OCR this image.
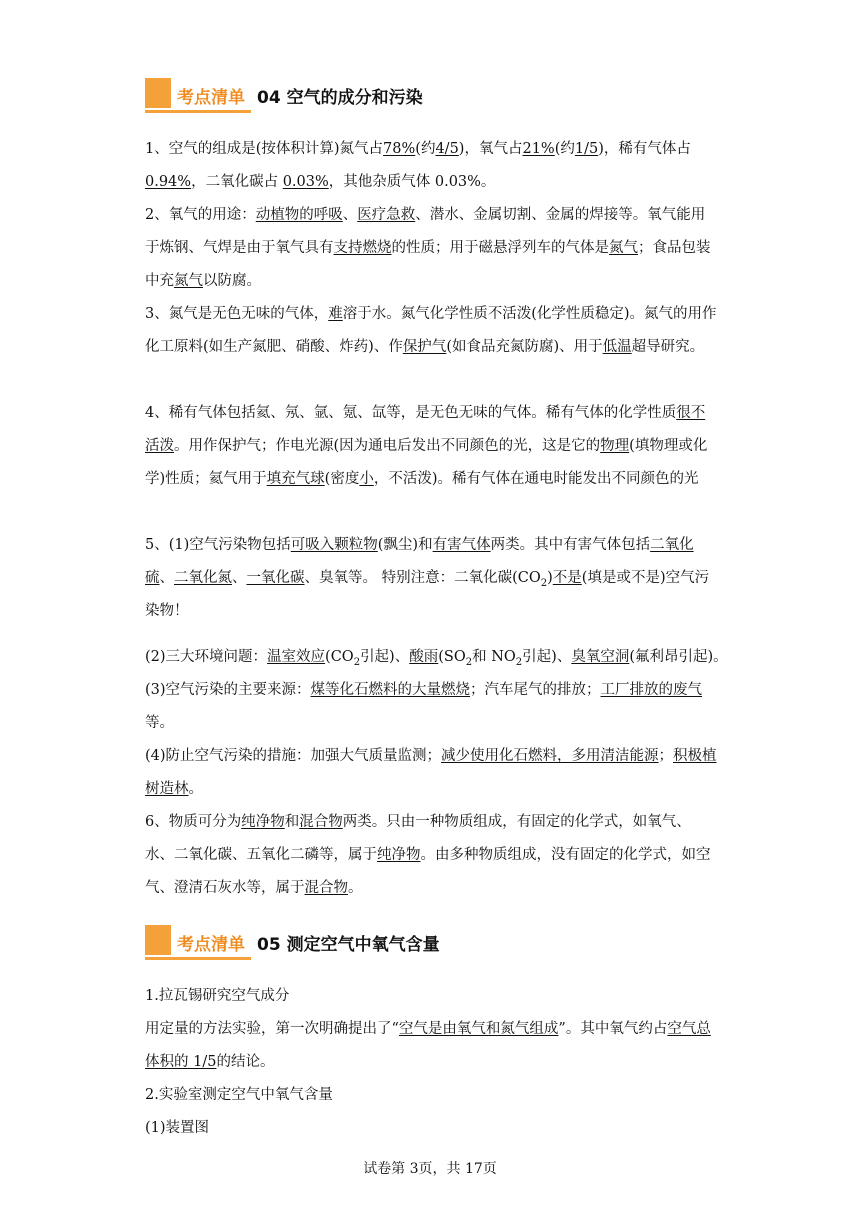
考点清单 04 空气的成分和污染

1、空气的组成是(按体积计算)氮气占78%(约4/5)，氧气占21%(约1/5)，稀有气体占0.94%，二氧化碳占 0.03%，其他杂质气体 0.03%。

2、氧气的用途：动植物的呼吸、医疗急救、潜水、金属切割、金属的焊接等。氧气能用于炼钢、气焊是由于氧气具有支持燃烧的性质；用于磁悬浮列车的气体是氮气；食品包装中充氮气以防腐。

3、氮气是无色无味的气体，难溶于水。氮气化学性质不活泼(化学性质稳定)。氮气的用作化工原料(如生产氮肥、硝酸、炸药)、作保护气(如食品充氮防腐)、用于低温超导研究。

4、稀有气体包括氦、氖、氩、氪、氙等，是无色无味的气体。稀有气体的化学性质很不活泼。用作保护气；作电光源(因为通电后发出不同颜色的光，这是它的物理(填物理或化学)性质；氦气用于填充气球(密度小，不活泼)。稀有气体在通电时能发出不同颜色的光

5、(1)空气污染物包括可吸入颗粒物(飘尘)和有害气体两类。其中有害气体包括二氧化硫、二氧化氮、一氧化碳、臭氧等。 特别注意：二氧化碳$(CO_2)$不是(填是或不是)空气污染物！

(2)三大环境问题：温室效应($CO_2$引起)、酸雨($SO_2$和 $NO_2$引起)、臭氧空洞(氟利昂引起)。

(3)空气污染的主要来源：煤等化石燃料的大量燃烧；汽车尾气的排放；工厂排放的废气等。

(4)防止空气污染的措施：加强大气质量监测；减少使用化石燃料，多用清洁能源；积极植树造林。

6、物质可分为纯净物和混合物两类。只由一种物质组成，有固定的化学式，如氧气、水、二氧化碳、五氧化二磷等，属于纯净物。由多种物质组成，没有固定的化学式，如空气、澄清石灰水等，属于混合物。

考点清单 05 测定空气中氧气含量

1.拉瓦锡研究空气成分

用定量的方法实验，第一次明确提出了“空气是由氧气和氮气组成”。其中氧气约占空气总体积的 1/5的结论。

2.实验室测定空气中氧气含量

(1)装置图

试卷第 3页，共 17页
